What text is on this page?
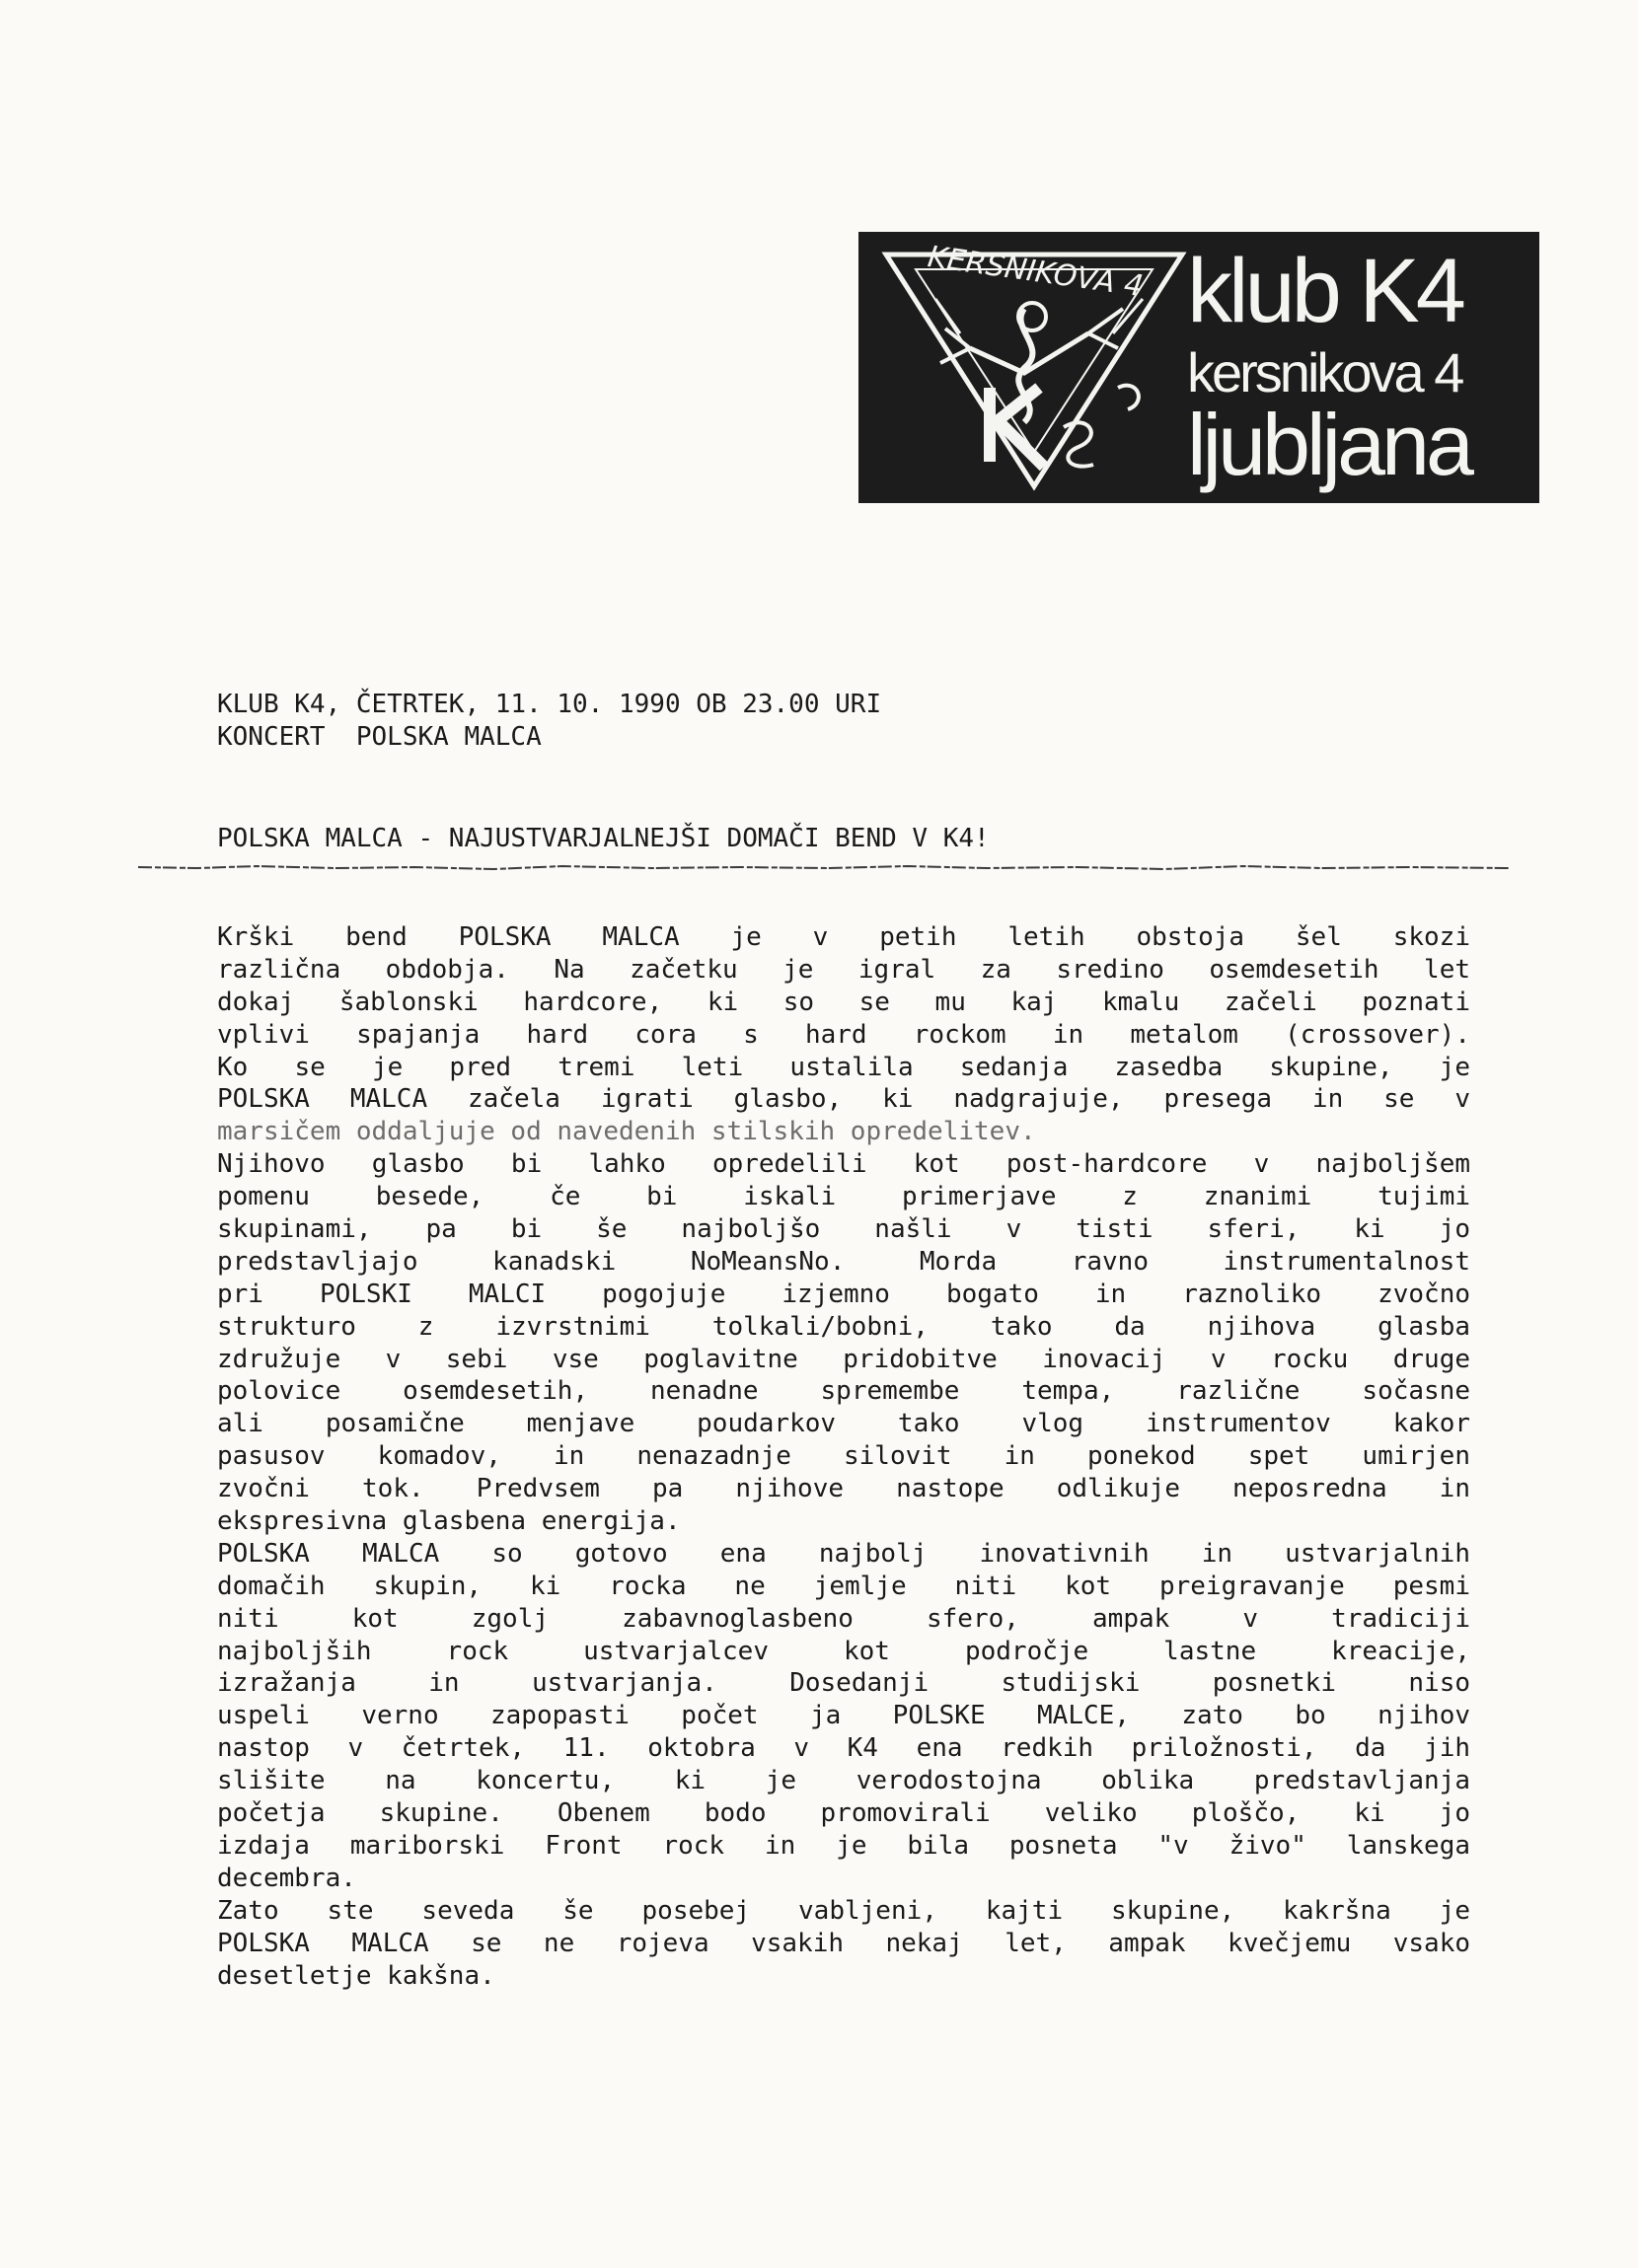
KERSNIKOVA 4 klub K4
kersnikova 4
ljubljana
KLUB K4, ČETRTEK, 11. 10. 1990 OB 23.00 URI
KONCERT  POLSKA MALCA
POLSKA MALCA - NAJUSTVARJALNEJŠI DOMAČI BEND V K4!
Krški bend POLSKA MALCA je v petih letih obstoja šel skozi
različna obdobja. Na začetku je igral za sredino osemdesetih let
dokaj šablonski hardcore, ki so se mu kaj kmalu začeli poznati
vplivi spajanja hard cora s hard rockom in metalom (crossover).
Ko se je pred tremi leti ustalila sedanja zasedba skupine, je
POLSKA MALCA začela igrati glasbo, ki nadgrajuje, presega in se v
marsičem oddaljuje od navedenih stilskih opredelitev.
Njihovo glasbo bi lahko opredelili kot post-hardcore v najboljšem
pomenu besede, če bi iskali primerjave z znanimi tujimi
skupinami, pa bi še najboljšo našli v tisti sferi, ki jo
predstavljajo kanadski NoMeansNo. Morda ravno instrumentalnost
pri POLSKI MALCI pogojuje izjemno bogato in raznoliko zvočno
strukturo z izvrstnimi tolkali/bobni, tako da njihova glasba
združuje v sebi vse poglavitne pridobitve inovacij v rocku druge
polovice osemdesetih, nenadne spremembe tempa, različne sočasne
ali posamične menjave poudarkov tako vlog instrumentov kakor
pasusov komadov, in nenazadnje silovit in ponekod spet umirjen
zvočni tok. Predvsem pa njihove nastope odlikuje neposredna in
ekspresivna glasbena energija.
POLSKA MALCA so gotovo ena najbolj inovativnih in ustvarjalnih
domačih skupin, ki rocka ne jemlje niti kot preigravanje pesmi
niti kot zgolj zabavnoglasbeno sfero, ampak v tradiciji
najboljših rock ustvarjalcev kot področje lastne kreacije,
izražanja in ustvarjanja. Dosedanji studijski posnetki niso
uspeli verno zapopasti počet ja POLSKE MALCE, zato bo njihov
nastop v četrtek, 11. oktobra v K4 ena redkih priložnosti, da jih
slišite na koncertu, ki je verodostojna oblika predstavljanja
početja skupine. Obenem bodo promovirali veliko ploščo, ki jo
izdaja mariborski Front rock in je bila posneta "v živo" lanskega
decembra.
Zato ste seveda še posebej vabljeni, kajti skupine, kakršna je
POLSKA MALCA se ne rojeva vsakih nekaj let, ampak kvečjemu vsako
desetletje kakšna.
